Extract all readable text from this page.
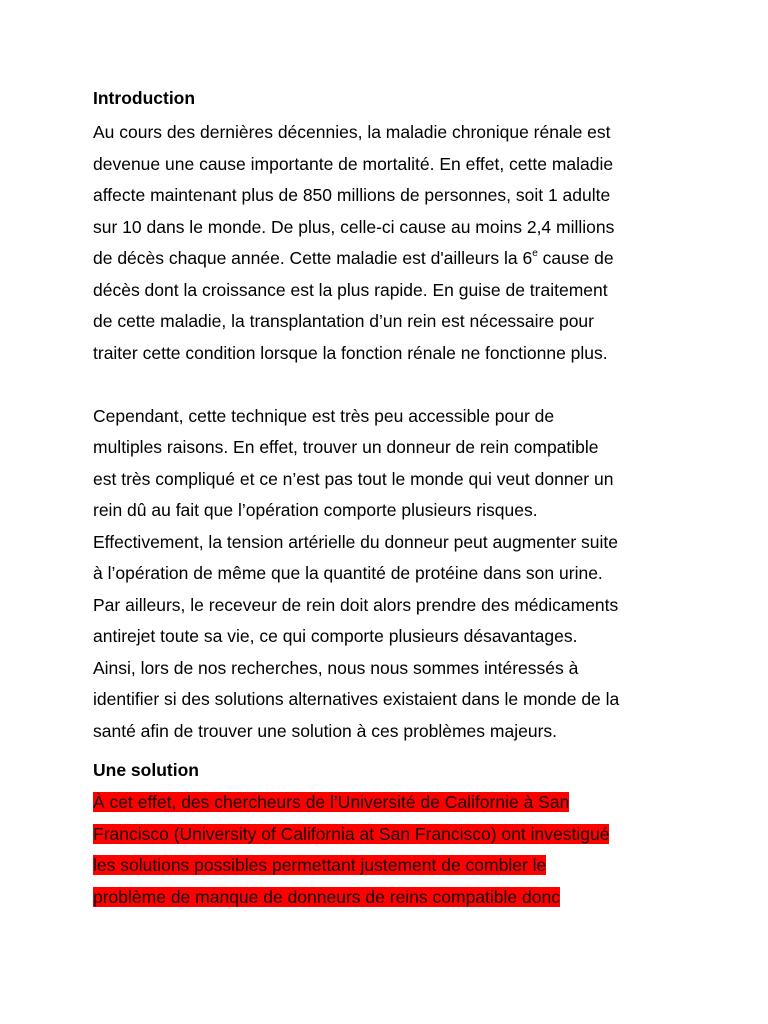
Introduction
Au cours des dernières décennies, la maladie chronique rénale est
devenue une cause importante de mortalité. En effet, cette maladie
affecte maintenant plus de 850 millions de personnes, soit 1 adulte
sur 10 dans le monde. De plus, celle-ci cause au moins 2,4 millions
de décès chaque année. Cette maladie est d'ailleurs la 6e cause de
décès dont la croissance est la plus rapide. En guise de traitement
de cette maladie, la transplantation d’un rein est nécessaire pour
traiter cette condition lorsque la fonction rénale ne fonctionne plus.
Cependant, cette technique est très peu accessible pour de
multiples raisons. En effet, trouver un donneur de rein compatible
est très compliqué et ce n’est pas tout le monde qui veut donner un
rein dû au fait que l’opération comporte plusieurs risques.
Effectivement, la tension artérielle du donneur peut augmenter suite
à l’opération de même que la quantité de protéine dans son urine.
Par ailleurs, le receveur de rein doit alors prendre des médicaments
antirejet toute sa vie, ce qui comporte plusieurs désavantages.
Ainsi, lors de nos recherches, nous nous sommes intéressés à
identifier si des solutions alternatives existaient dans le monde de la
santé afin de trouver une solution à ces problèmes majeurs.
Une solution
À cet effet, des chercheurs de l’Université de Californie à San
Francisco (University of California at San Francisco) ont investigué
les solutions possibles permettant justement de combler le
problème de manque de donneurs de reins compatible donc
